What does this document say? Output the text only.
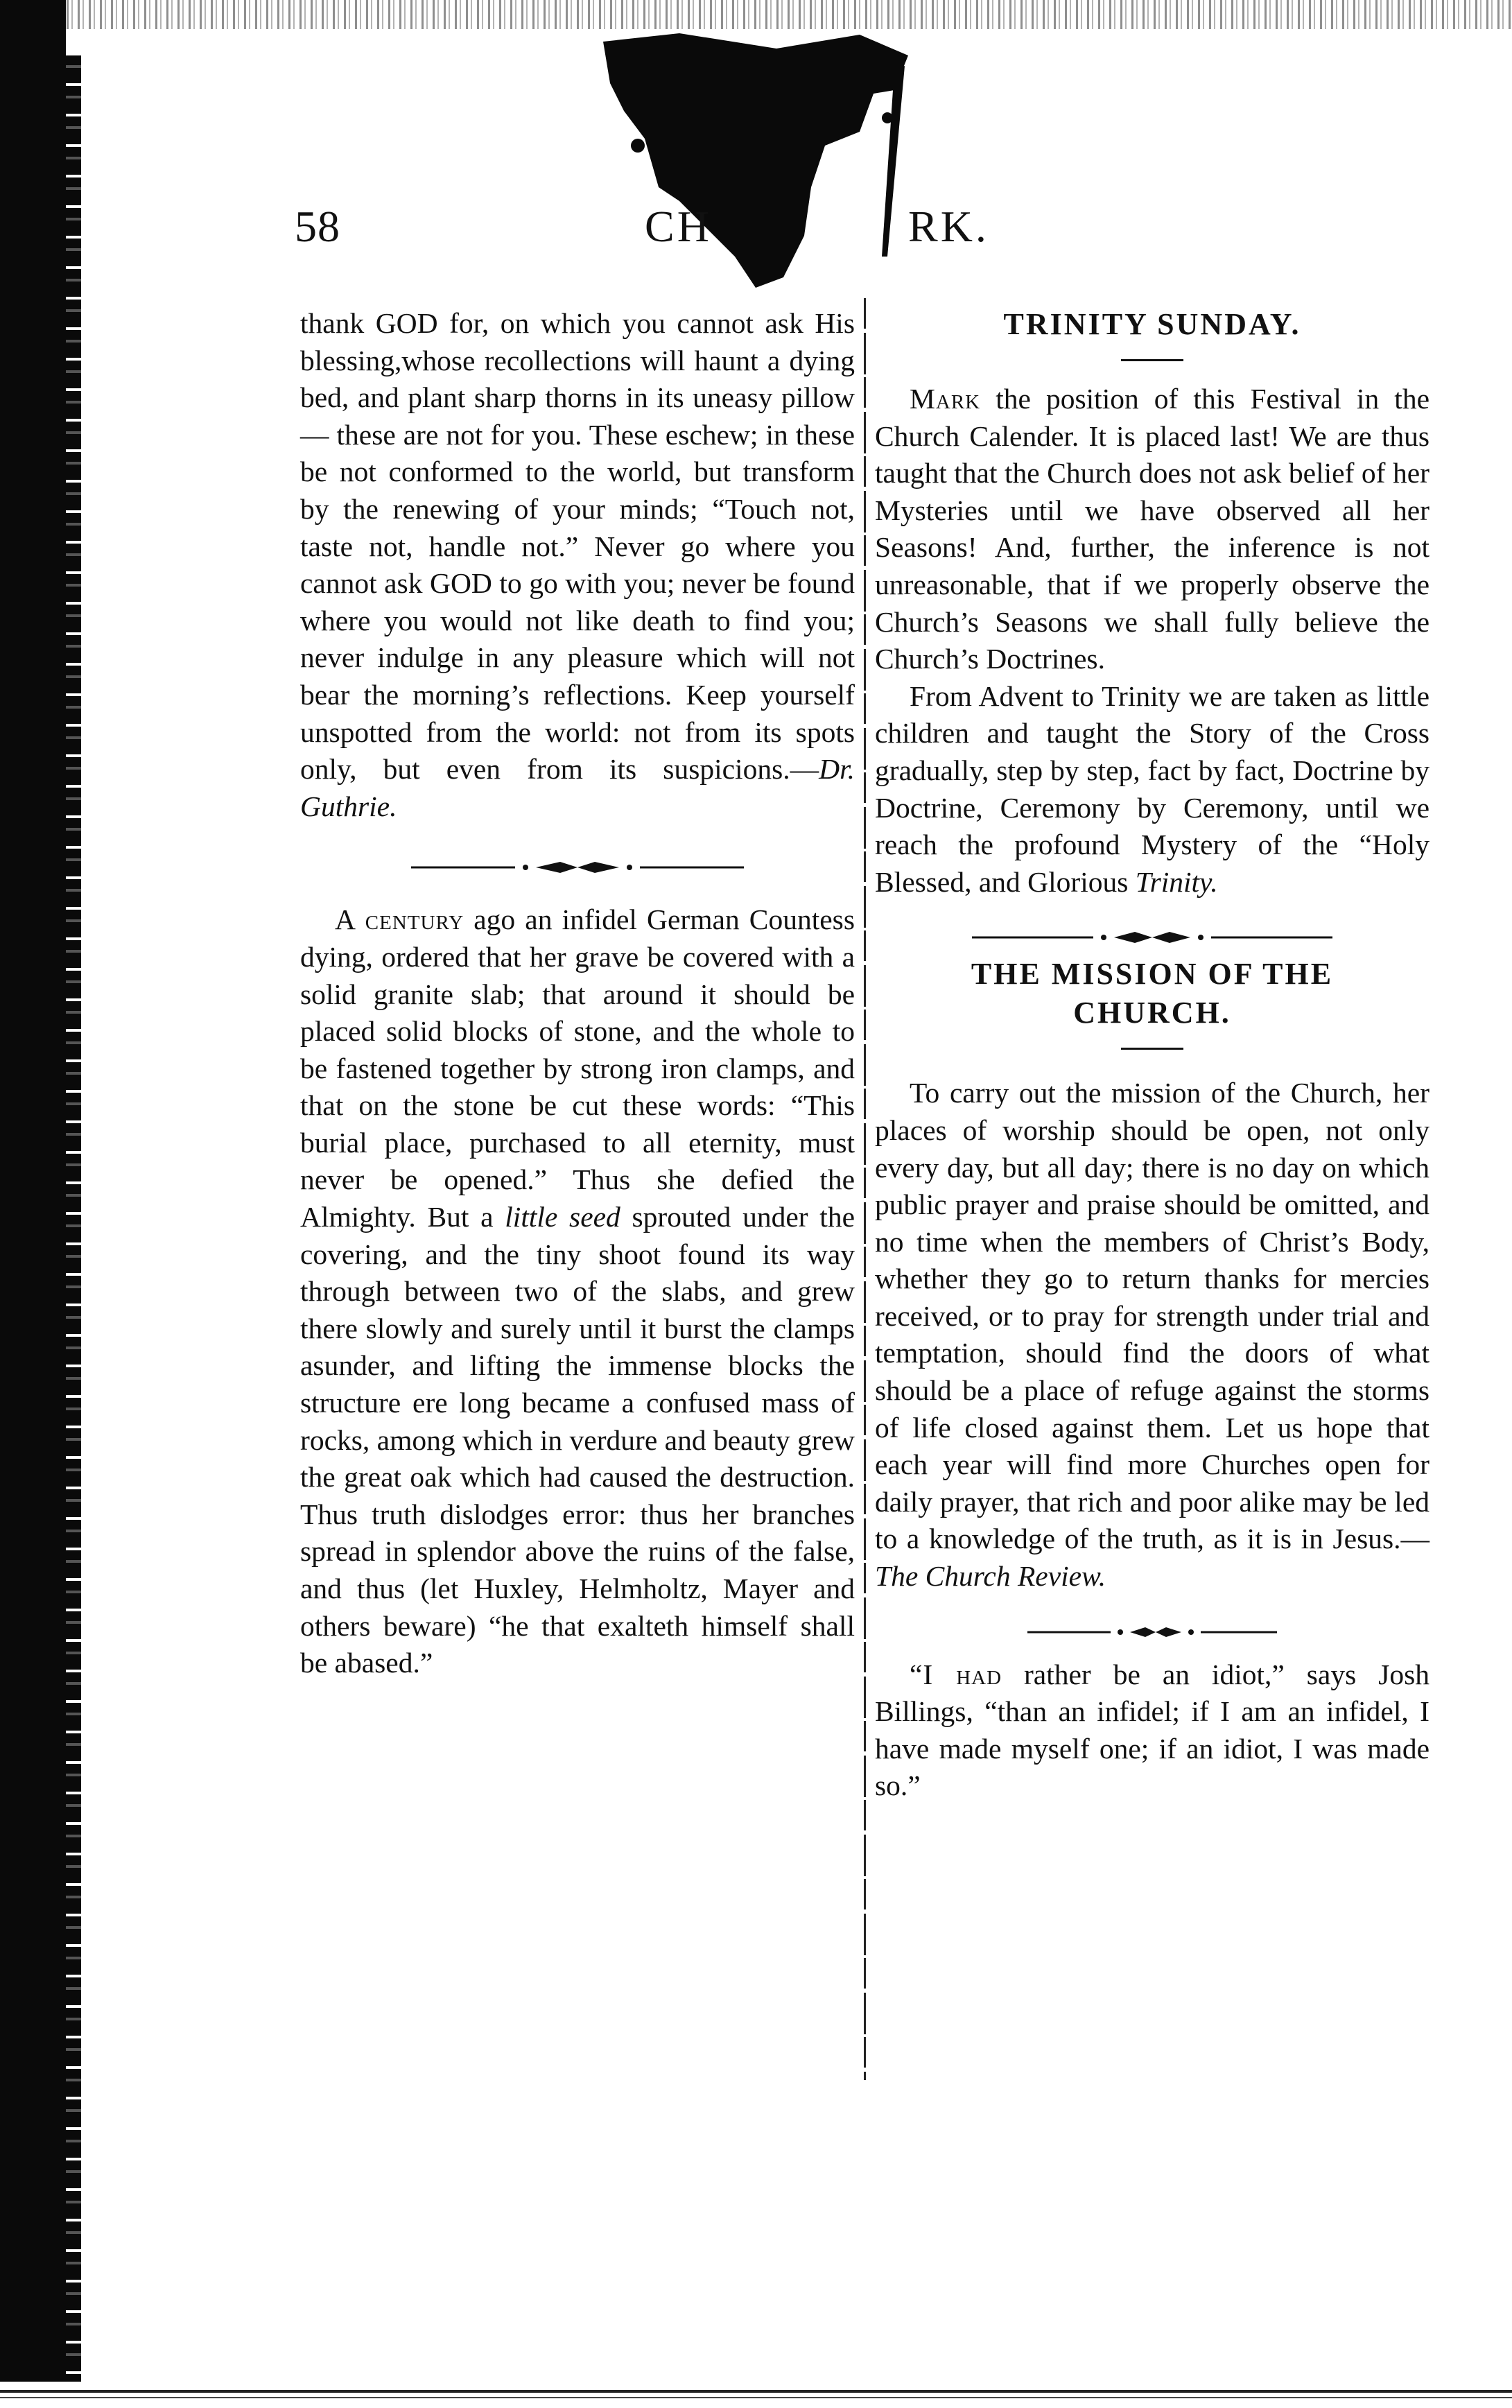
58	CH	RK.

thank GOD for, on which you cannot ask His blessing,whose recollections will haunt a dying bed, and plant sharp thorns in its uneasy pillow— these are not for you. These eschew; in these be not conformed to the world, but transform by the renewing of your minds; “Touch not, taste not, handle not.” Never go where you cannot ask GOD to go with you; never be found where you would not like death to find you; never indulge in any pleasure which will not bear the morning’s reflections. Keep yourself unspotted from the world: not from its spots only, but even from its suspicions.—Dr. Guthrie.

A century ago an infidel German Countess dying, ordered that her grave be covered with a solid granite slab; that around it should be placed solid blocks of stone, and the whole to be fastened together by strong iron clamps, and that on the stone be cut these words: “This burial place, purchased to all eternity, must never be opened.” Thus she defied the Almighty. But a little seed sprouted under the covering, and the tiny shoot found its way through between two of the slabs, and grew there slowly and surely until it burst the clamps asunder, and lifting the immense blocks the structure ere long became a confused mass of rocks, among which in verdure and beauty grew the great oak which had caused the destruction. Thus truth dislodges error: thus her branches spread in splendor above the ruins of the false, and thus (let Huxley, Helmholtz, Mayer and others beware) “he that exalteth himself shall be abased.”

TRINITY SUNDAY.

Mark the position of this Festival in the Church Calender. It is placed last! We are thus taught that the Church does not ask belief of her Mysteries until we have observed all her Seasons! And, further, the inference is not unreasonable, that if we properly observe the Church’s Seasons we shall fully believe the Church’s Doctrines.

From Advent to Trinity we are taken as little children and taught the Story of the Cross gradually, step by step, fact by fact, Doctrine by Doctrine, Ceremony by Ceremony, until we reach the profound Mystery of the “Holy Blessed, and Glorious Trinity.

THE MISSION OF THE
CHURCH.

To carry out the mission of the Church, her places of worship should be open, not only every day, but all day; there is no day on which public prayer and praise should be omitted, and no time when the members of Christ’s Body, whether they go to return thanks for mercies received, or to pray for strength under trial and temptation, should find the doors of what should be a place of refuge against the storms of life closed against them. Let us hope that each year will find more Churches open for daily prayer, that rich and poor alike may be led to a knowledge of the truth, as it is in Jesus.—The Church Review.

“I had rather be an idiot,” says Josh Billings, “than an infidel; if I am an infidel, I have made myself one; if an idiot, I was made so.”
